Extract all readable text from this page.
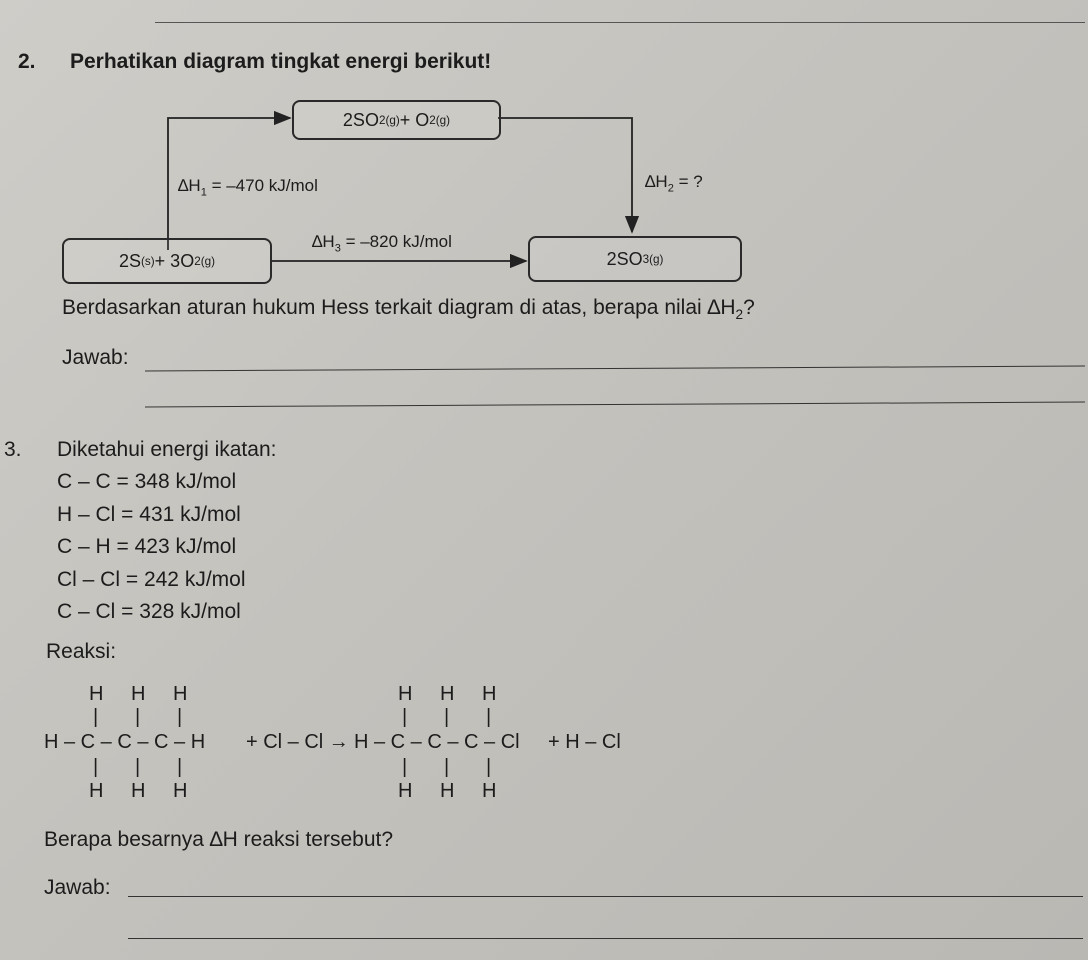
2. Perhatikan diagram tingkat energi berikut!
2SO 2(g) + O 2(g)
2S (s) + 3O 2(g)	2SO 3(g)
$\Delta H_1 = -470$ kJ/mol	$\Delta H_2$ = ?
$\Delta H_3 = -820$ kJ/mol
Berdasarkan aturan hukum Hess terkait diagram di atas, berapa nilai $\Delta H_2$?
Jawab:
3. Diketahui energi ikatan:
C – C = 348 kJ/mol
H – Cl = 431 kJ/mol
C – H = 423 kJ/mol
Cl – Cl = 242 kJ/mol
C – Cl = 328 kJ/mol
Reaksi:
H H H
| | |
H – C – C – C – H + Cl – Cl →
| | |
H H H
H H H
| | |
H – C – C – C – Cl + H – Cl
| | |
H H H
Berapa besarnya ∆H reaksi tersebut?
Jawab:
